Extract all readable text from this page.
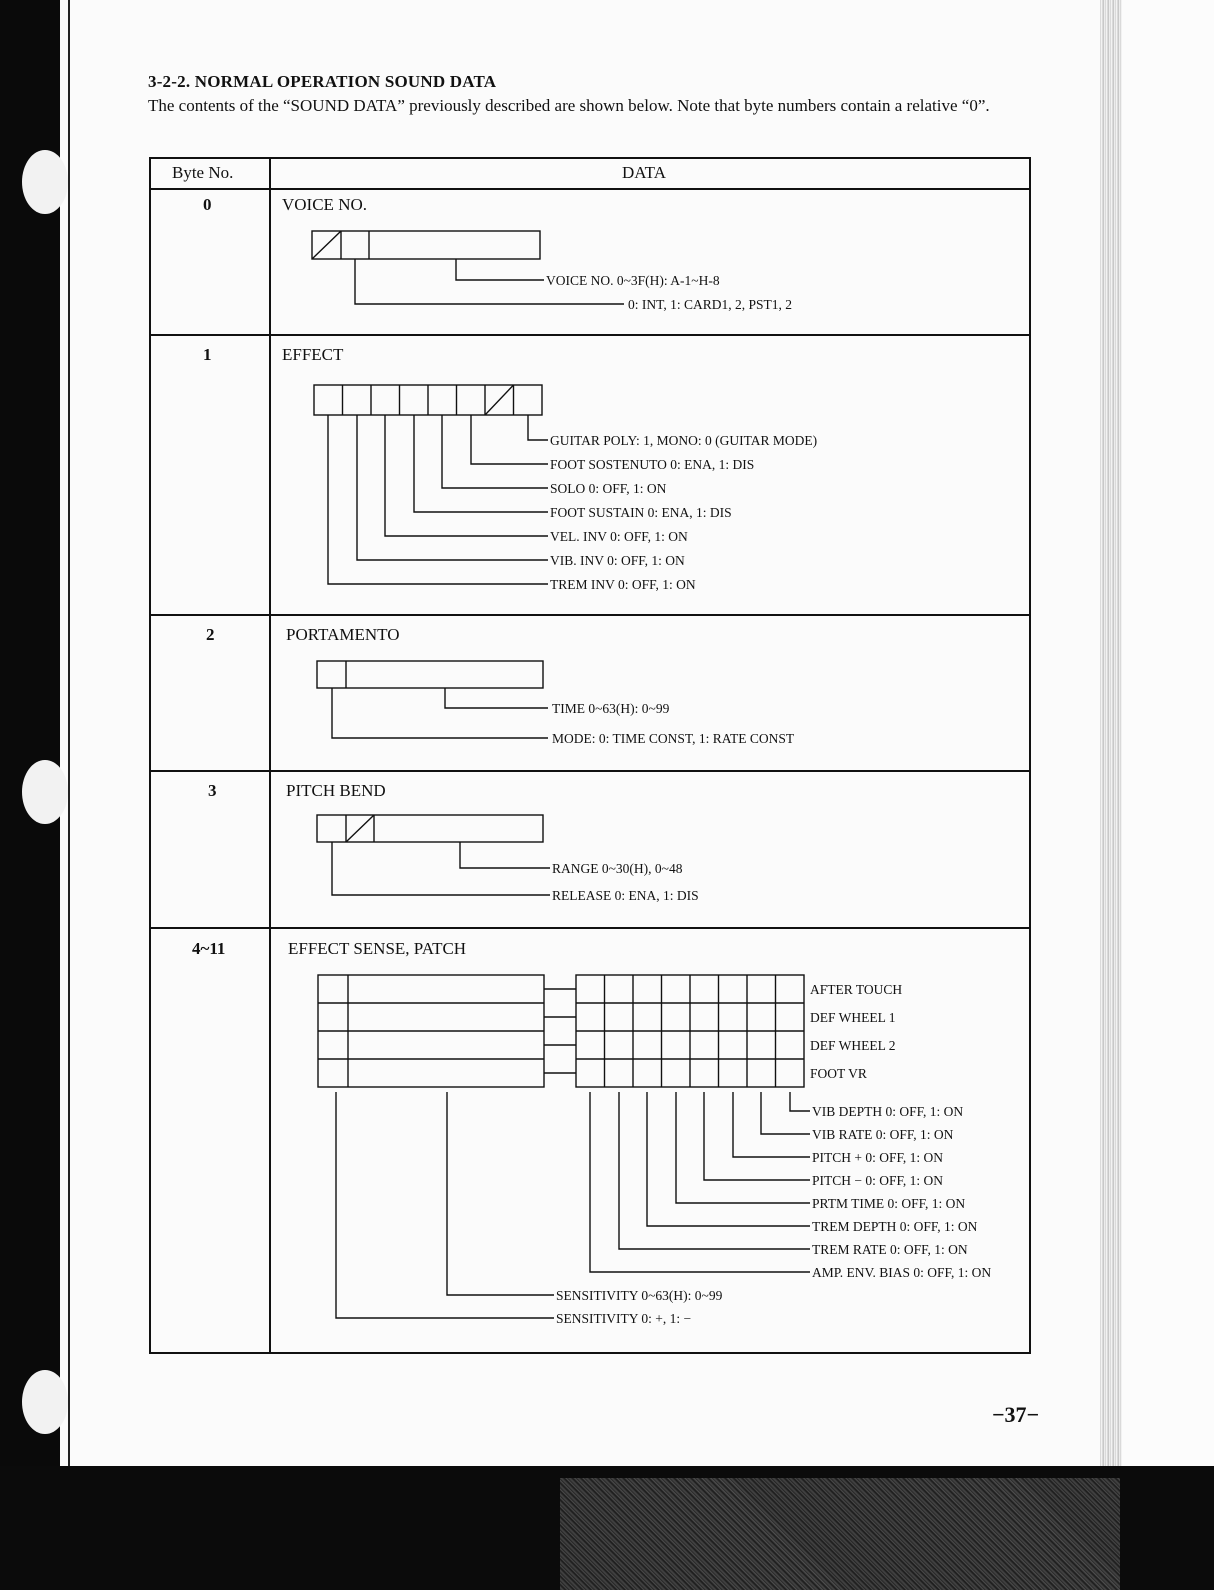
3-2-2. NORMAL OPERATION SOUND DATA
The contents of the “SOUND DATA” previously described are shown below. Note that byte numbers contain a relative “0”.
Byte No.	DATA
0	VOICE NO.
VOICE NO. 0~3F(H): A-1~H-8
0: INT, 1: CARD1, 2, PST1, 2
1	EFFECT
GUITAR POLY: 1, MONO: 0 (GUITAR MODE)
FOOT SOSTENUTO 0: ENA, 1: DIS
SOLO 0: OFF, 1: ON
FOOT SUSTAIN 0: ENA, 1: DIS
VEL. INV 0: OFF, 1: ON
VIB. INV 0: OFF, 1: ON
TREM INV 0: OFF, 1: ON
2	PORTAMENTO
TIME 0~63(H): 0~99
MODE: 0: TIME CONST, 1: RATE CONST
3	PITCH BEND
RANGE 0~30(H), 0~48
RELEASE 0: ENA, 1: DIS
4~11	EFFECT SENSE, PATCH
AFTER TOUCH
DEF WHEEL 1
DEF WHEEL 2
FOOT VR
VIB DEPTH 0: OFF, 1: ON
VIB RATE 0: OFF, 1: ON
PITCH + 0: OFF, 1: ON
PITCH − 0: OFF, 1: ON
PRTM TIME 0: OFF, 1: ON
TREM DEPTH 0: OFF, 1: ON
TREM RATE 0: OFF, 1: ON
AMP. ENV. BIAS 0: OFF, 1: ON
SENSITIVITY 0~63(H): 0~99
SENSITIVITY 0: +, 1: −
−37−
